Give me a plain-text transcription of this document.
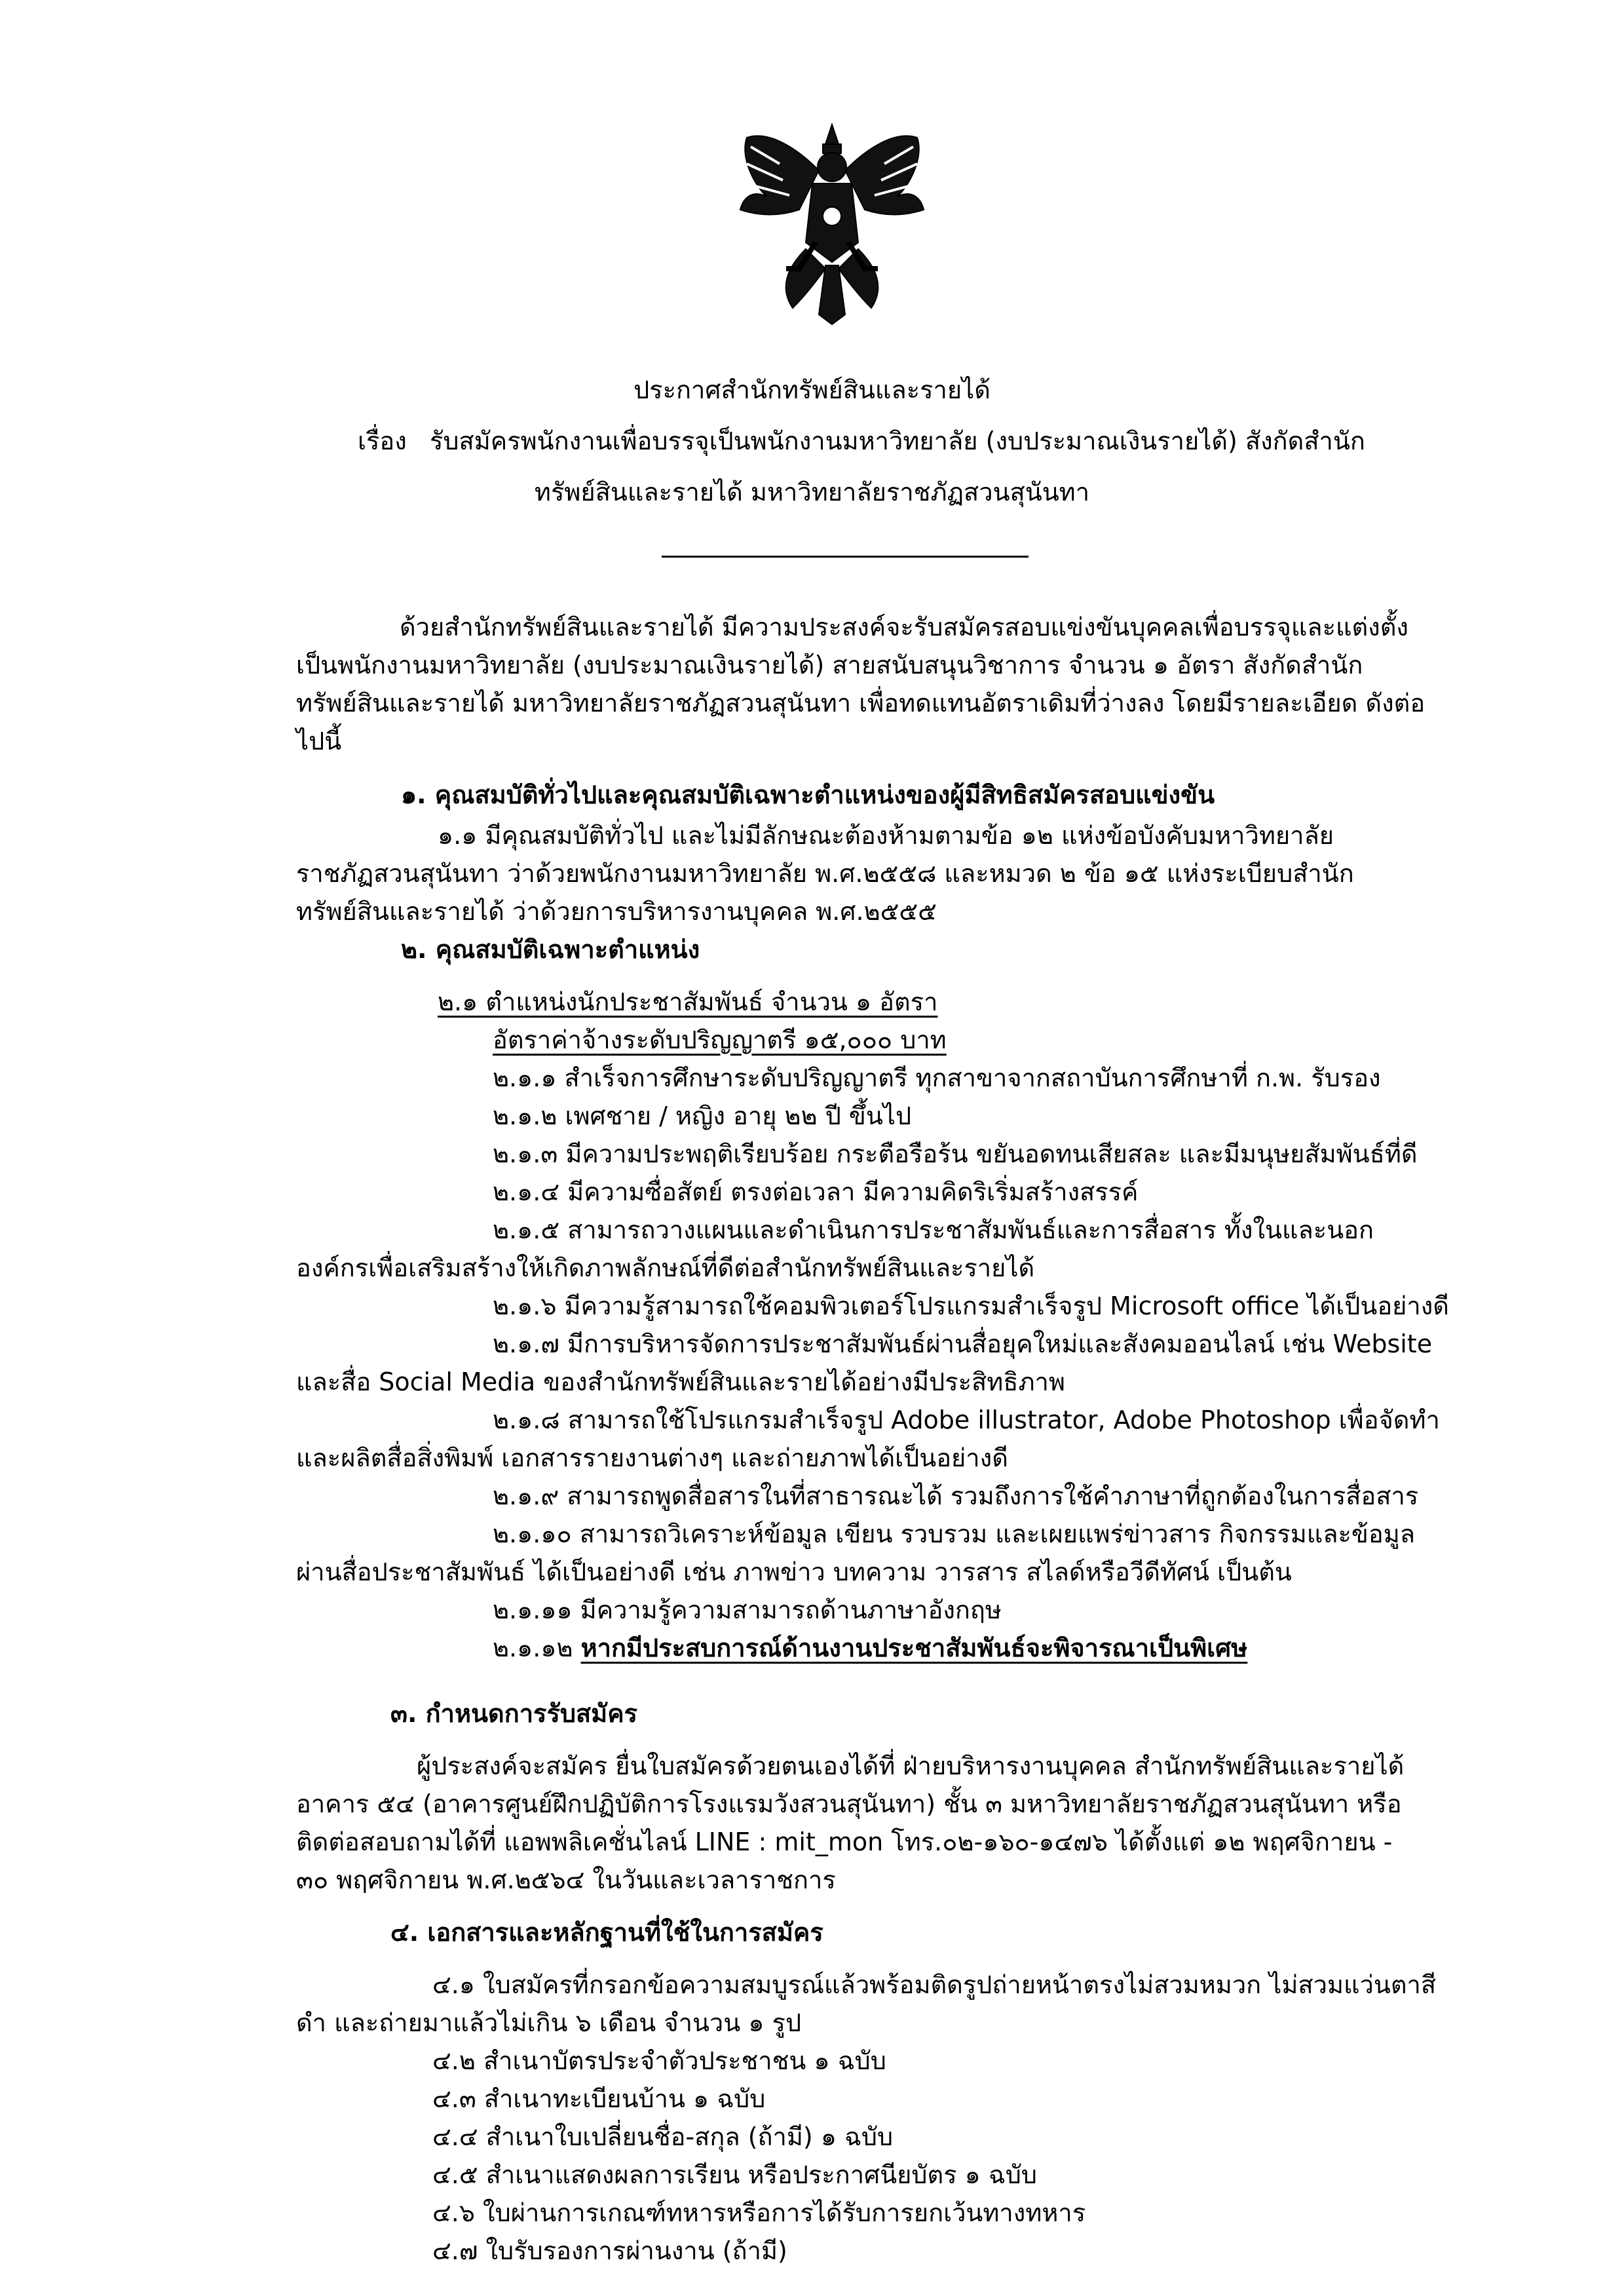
ประกาศสำนักทรัพย์สินและรายได้
เรื่อง รับสมัครพนักงานเพื่อบรรจุเป็นพนักงานมหาวิทยาลัย (งบประมาณเงินรายได้) สังกัดสำนัก
ทรัพย์สินและรายได้ มหาวิทยาลัยราชภัฏสวนสุนันทา
ด้วยสำนักทรัพย์สินและรายได้ มีความประสงค์จะรับสมัครสอบแข่งขันบุคคลเพื่อบรรจุและแต่งตั้ง
เป็นพนักงานมหาวิทยาลัย (งบประมาณเงินรายได้) สายสนับสนุนวิชาการ จำนวน ๑ อัตรา สังกัดสำนัก
ทรัพย์สินและรายได้ มหาวิทยาลัยราชภัฏสวนสุนันทา เพื่อทดแทนอัตราเดิมที่ว่างลง โดยมีรายละเอียด ดังต่อ
ไปนี้
๑. คุณสมบัติทั่วไปและคุณสมบัติเฉพาะตำแหน่งของผู้มีสิทธิสมัครสอบแข่งขัน
๑.๑ มีคุณสมบัติทั่วไป และไม่มีลักษณะต้องห้ามตามข้อ ๑๒ แห่งข้อบังคับมหาวิทยาลัย
ราชภัฏสวนสุนันทา ว่าด้วยพนักงานมหาวิทยาลัย พ.ศ.๒๕๕๘ และหมวด ๒ ข้อ ๑๕ แห่งระเบียบสำนัก
ทรัพย์สินและรายได้ ว่าด้วยการบริหารงานบุคคล พ.ศ.๒๕๕๕
๒. คุณสมบัติเฉพาะตำแหน่ง
๒.๑ ตำแหน่งนักประชาสัมพันธ์ จำนวน ๑ อัตรา
อัตราค่าจ้างระดับปริญญาตรี ๑๕,๐๐๐ บาท
๒.๑.๑ สำเร็จการศึกษาระดับปริญญาตรี ทุกสาขาจากสถาบันการศึกษาที่ ก.พ. รับรอง
๒.๑.๒ เพศชาย / หญิง อายุ ๒๒ ปี ขึ้นไป
๒.๑.๓ มีความประพฤติเรียบร้อย กระตือรือร้น ขยันอดทนเสียสละ และมีมนุษยสัมพันธ์ที่ดี
๒.๑.๔ มีความซื่อสัตย์ ตรงต่อเวลา มีความคิดริเริ่มสร้างสรรค์
๒.๑.๕ สามารถวางแผนและดำเนินการประชาสัมพันธ์และการสื่อสาร ทั้งในและนอก
องค์กรเพื่อเสริมสร้างให้เกิดภาพลักษณ์ที่ดีต่อสำนักทรัพย์สินและรายได้
๒.๑.๖ มีความรู้สามารถใช้คอมพิวเตอร์โปรแกรมสำเร็จรูป Microsoft office ได้เป็นอย่างดี
๒.๑.๗ มีการบริหารจัดการประชาสัมพันธ์ผ่านสื่อยุคใหม่และสังคมออนไลน์ เช่น Website
และสื่อ Social Media ของสำนักทรัพย์สินและรายได้อย่างมีประสิทธิภาพ
๒.๑.๘ สามารถใช้โปรแกรมสำเร็จรูป Adobe illustrator, Adobe Photoshop เพื่อจัดทำ
และผลิตสื่อสิ่งพิมพ์ เอกสารรายงานต่างๆ และถ่ายภาพได้เป็นอย่างดี
๒.๑.๙ สามารถพูดสื่อสารในที่สาธารณะได้ รวมถึงการใช้คำภาษาที่ถูกต้องในการสื่อสาร
๒.๑.๑๐ สามารถวิเคราะห์ข้อมูล เขียน รวบรวม และเผยแพร่ข่าวสาร กิจกรรมและข้อมูล
ผ่านสื่อประชาสัมพันธ์ ได้เป็นอย่างดี เช่น ภาพข่าว บทความ วารสาร สไลด์หรือวีดีทัศน์ เป็นต้น
๒.๑.๑๑ มีความรู้ความสามารถด้านภาษาอังกฤษ
๒.๑.๑๒ หากมีประสบการณ์ด้านงานประชาสัมพันธ์จะพิจารณาเป็นพิเศษ
๓. กำหนดการรับสมัคร
ผู้ประสงค์จะสมัคร ยื่นใบสมัครด้วยตนเองได้ที่ ฝ่ายบริหารงานบุคคล สำนักทรัพย์สินและรายได้
อาคาร ๕๔ (อาคารศูนย์ฝึกปฏิบัติการโรงแรมวังสวนสุนันทา) ชั้น ๓ มหาวิทยาลัยราชภัฏสวนสุนันทา หรือ
ติดต่อสอบถามได้ที่ แอพพลิเคชั่นไลน์ LINE : mit_mon โทร.๐๒-๑๖๐-๑๔๗๖ ได้ตั้งแต่ ๑๒ พฤศจิกายน -
๓๐ พฤศจิกายน พ.ศ.๒๕๖๔ ในวันและเวลาราชการ
๔. เอกสารและหลักฐานที่ใช้ในการสมัคร
๔.๑ ใบสมัครที่กรอกข้อความสมบูรณ์แล้วพร้อมติดรูปถ่ายหน้าตรงไม่สวมหมวก ไม่สวมแว่นตาสี
ดำ และถ่ายมาแล้วไม่เกิน ๖ เดือน จำนวน ๑ รูป
๔.๒ สำเนาบัตรประจำตัวประชาชน ๑ ฉบับ
๔.๓ สำเนาทะเบียนบ้าน ๑ ฉบับ
๔.๔ สำเนาใบเปลี่ยนชื่อ-สกุล (ถ้ามี) ๑ ฉบับ
๔.๕ สำเนาแสดงผลการเรียน หรือประกาศนียบัตร ๑ ฉบับ
๔.๖ ใบผ่านการเกณฑ์ทหารหรือการได้รับการยกเว้นทางทหาร
๔.๗ ใบรับรองการผ่านงาน (ถ้ามี)
